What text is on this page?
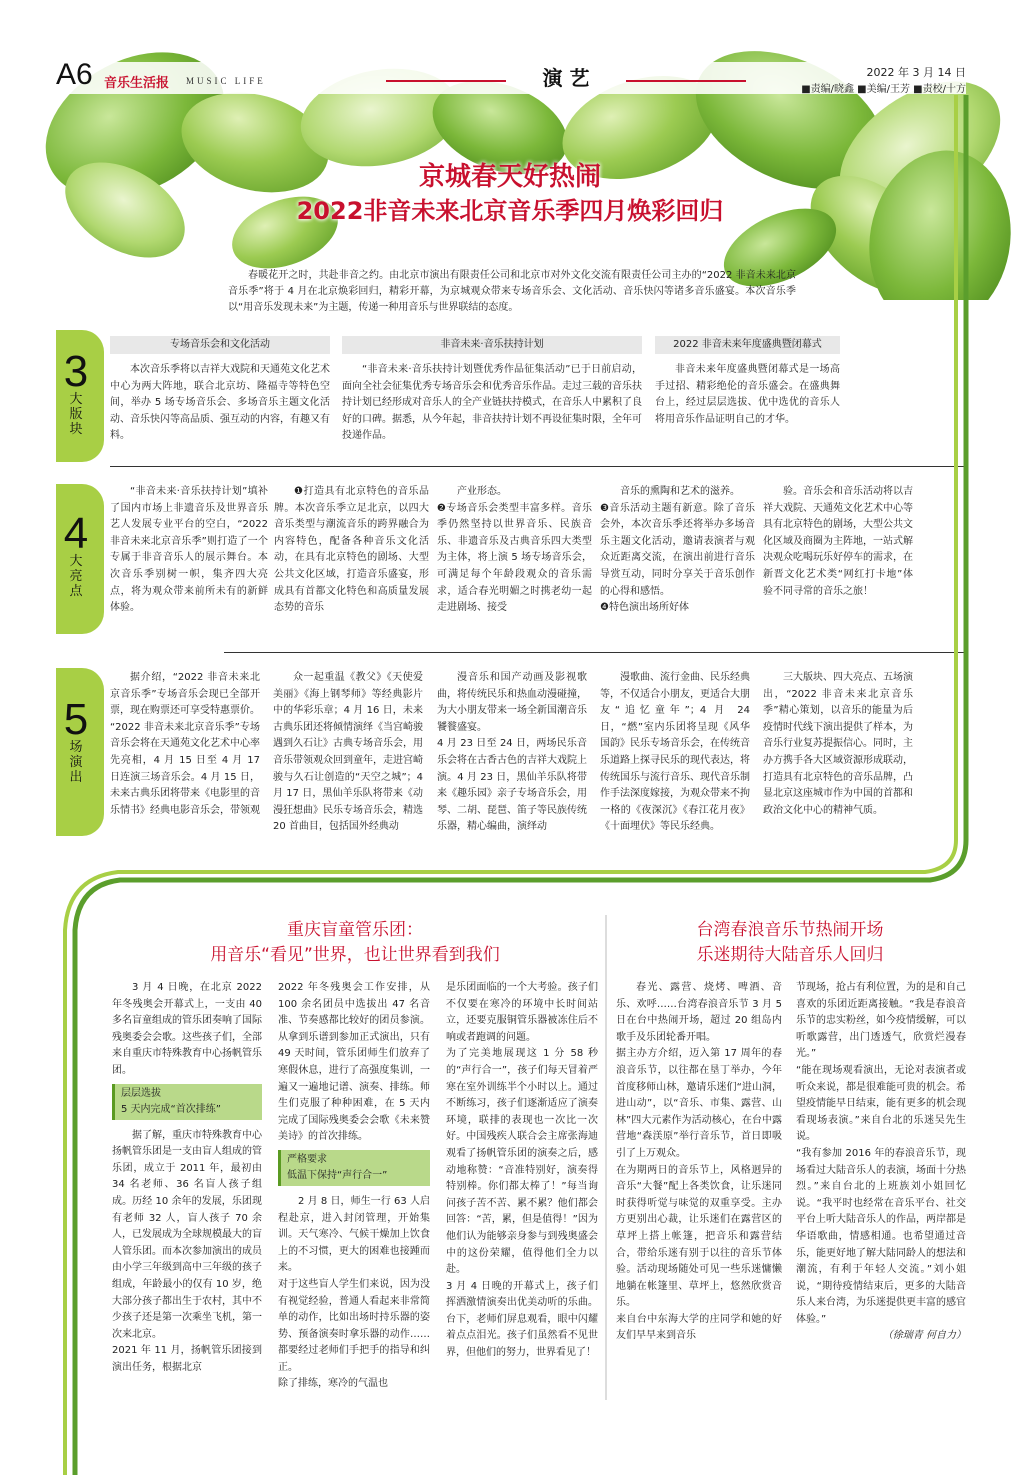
A6 音乐生活报 MUSIC LIFE	演 艺	2022 年 3 月 14 日
■责编/晓鑫 ■美编/王芳 ■责校/十方
京城春天好热闹
2022非音未来北京音乐季四月焕彩回归

春暖花开之时，共赴非音之约。由北京市演出有限责任公司和北京市对外文化交流有限责任公司主办的“2022 非音未来北京音乐季”将于 4 月在北京焕彩回归，精彩开幕，为京城观众带来专场音乐会、文化活动、音乐快闪等诸多音乐盛宴。本次音乐季以“用音乐发现未来”为主题，传递一种用音乐与世界联结的态度。

3
大版块
专场音乐会和文化活动

本次音乐季将以吉祥大戏院和天通苑文化艺术中心为两大阵地，联合北京坊、隆福寺等特色空间，举办 5 场专场音乐会、多场音乐主题文化活动、音乐快闪等高品质、强互动的内容，有趣又有料。

非音未来·音乐扶持计划

“非音未来·音乐扶持计划暨优秀作品征集活动”已于日前启动，面向全社会征集优秀专场音乐会和优秀音乐作品。走过三载的音乐扶持计划已经形成对音乐人的全产业链扶持模式，在音乐人中累积了良好的口碑。据悉，从今年起，非音扶持计划不再设征集时限，全年可投递作品。

2022 非音未来年度盛典暨闭幕式

非音未来年度盛典暨闭幕式是一场高手过招、精彩绝伦的音乐盛会。在盛典舞台上，经过层层选拔、优中选优的音乐人将用音乐作品证明自己的才华。

4
大亮点

“非音未来·音乐扶持计划”填补了国内市场上非遗音乐及世界音乐艺人发展专业平台的空白，“2022 非音未来北京音乐季”则打造了一个专属于非音音乐人的展示舞台。本次音乐季别树一帜，集齐四大亮点，将为观众带来前所未有的新鲜体验。

❶打造具有北京特色的音乐品牌。本次音乐季立足北京，以四大音乐类型与潮流音乐的跨界融合为内容特色，配备各种音乐文化活动，在具有北京特色的剧场、大型公共文化区域，打造音乐盛宴，形成具有首都文化特色和高质量发展态势的音乐

产业形态。
❷专场音乐会类型丰富多样。音乐季仍然坚持以世界音乐、民族音乐、非遗音乐及古典音乐四大类型为主体，将上演 5 场专场音乐会，可满足每个年龄段观众的音乐需求，适合春光明媚之时携老幼一起走进剧场、接受

音乐的熏陶和艺术的滋养。
❸音乐活动主题有新意。除了音乐会外，本次音乐季还将举办多场音乐主题文化活动，邀请表演者与观众近距离交流，在演出前进行音乐导赏互动，同时分享关于音乐创作的心得和感悟。
❹特色演出场所好体

验。音乐会和音乐活动将以吉祥大戏院、天通苑文化艺术中心等具有北京特色的剧场，大型公共文化区域及商圈为主阵地，一站式解决观众吃喝玩乐好停车的需求，在新晋文化艺术类“网红打卡地”体验不同寻常的音乐之旅！

5
场演出

据介绍，“2022 非音未来北京音乐季”专场音乐会现已全部开票，现在购票还可享受特惠票价。
“2022 非音未来北京音乐季”专场音乐会将在天通苑文化艺术中心率先亮相，4 月 15 日至 4 月 17 日连演三场音乐会。4 月 15 日，未来古典乐团将带来《电影里的音乐情书》经典电影音乐会，带领观

众一起重温《教父》《天使爱美丽》《海上钢琴师》等经典影片中的华彩乐章；4 月 16 日，未来古典乐团还将倾情演绎《当宫崎骏遇到久石让》古典专场音乐会，用音乐带领观众回到童年，走进宫崎骏与久石让创造的“天空之城”；4 月 17 日，黑仙羊乐队将带来《动漫狂想曲》民乐专场音乐会，精选 20 首曲目，包括国外经典动

漫音乐和国产动画及影视歌曲，将传统民乐和热血动漫碰撞，为大小朋友带来一场全新国潮音乐饕餮盛宴。
4 月 23 日至 24 日，两场民乐音乐会将在古香古色的吉祥大戏院上演。4 月 23 日，黑仙羊乐队将带来《趣乐园》亲子专场音乐会，用琴、二胡、琵琶、笛子等民族传统乐器，精心编曲，演绎动

漫歌曲、流行金曲、民乐经典等，不仅适合小朋友，更适合大朋友“追忆童年”；4 月 24 日，“燃”室内乐团将呈现《风华国韵》民乐专场音乐会，在传统音乐道路上探寻民乐的现代表达，将传统国乐与流行音乐、现代音乐制作手法深度嫁接，为观众带来不拘一格的《夜深沉》《春江花月夜》《十面埋伏》等民乐经典。

三大版块、四大亮点、五场演出，“2022 非音未来北京音乐季”精心策划，以音乐的能量为后疫情时代线下演出提供了样本，为音乐行业复苏提振信心。同时，主办方携手各大区域资源形成联动，打造具有北京特色的音乐品牌，凸显北京这座城市作为中国的首都和政治文化中心的精神气质。

重庆盲童管乐团：
用音乐“看见”世界，也让世界看到我们

3 月 4 日晚，在北京 2022 年冬残奥会开幕式上，一支由 40 多名盲童组成的管乐团奏响了国际残奥委会会歌。这些孩子们，全部来自重庆市特殊教育中心扬帆管乐团。

层层选拔
5 天内完成“首次排练”

据了解，重庆市特殊教育中心扬帆管乐团是一支由盲人组成的管乐团，成立于 2011 年，最初由 34 名老师、36 名盲人孩子组成。历经 10 余年的发展，乐团现有老师 32 人，盲人孩子 70 余人，已发展成为全球规模最大的盲人管乐团。而本次参加演出的成员由小学三年级到高中三年级的孩子组成，年龄最小的仅有 10 岁，绝大部分孩子都出生于农村，其中不少孩子还是第一次乘坐飞机，第一次来北京。
2021 年 11 月，扬帆管乐团接到演出任务，根据北京

2022 年冬残奥会工作安排，从 100 余名团员中选拔出 47 名音准、节奏感都比较好的团员参演。从拿到乐谱到参加正式演出，只有 49 天时间，管乐团师生们放弃了寒假休息，进行了高强度集训，一遍又一遍地记谱、演奏、排练。师生们克服了种种困难，在 5 天内完成了国际残奥委会会歌《未来赞美诗》的首次排练。

严格要求
低温下保持“声行合一”

2 月 8 日，师生一行 63 人启程赴京，进入封闭管理，开始集训。天气寒冷、气候干燥加上饮食上的不习惯，更大的困难也接踵而来。
对于这些盲人学生们来说，因为没有视觉经验，普通人看起来非常简单的动作，比如出场时持乐器的姿势、预备演奏时拿乐器的动作……都要经过老师们手把手的指导和纠正。
除了排练，寒冷的气温也

是乐团面临的一个大考验。孩子们不仅要在寒冷的环境中长时间站立，还要克服铜管乐器被冻住后不响或者跑调的问题。
为了完美地展现这 1 分 58 秒的“声行合一”，孩子们每天冒着严寒在室外训练半个小时以上。通过不断练习，孩子们逐渐适应了演奏环境，联排的表现也一次比一次好。中国残疾人联合会主席张海迪观看了扬帆管乐团的演奏之后，感动地称赞：“音准特别好，演奏得特别棒。你们都太棒了！”每当询问孩子苦不苦、累不累？他们都会回答：“苦，累，但是值得！”因为他们认为能够亲身参与到残奥盛会中的这份荣耀，值得他们全力以赴。
3 月 4 日晚的开幕式上，孩子们挥洒激情演奏出优美动听的乐曲。台下，老师们屏息观看，眼中闪耀着点点泪光。孩子们虽然看不见世界，但他们的努力，世界看见了！

台湾春浪音乐节热闹开场
乐迷期待大陆音乐人回归

春光、露营、烧烤、啤酒、音乐、欢呼……台湾春浪音乐节 3 月 5 日在台中热闹开场，超过 20 组岛内歌手及乐团轮番开唱。
据主办方介绍，迈入第 17 周年的春浪音乐节，以往都在垦丁举办，今年首度移师山林，邀请乐迷们“进山洞，进山动”，以“音乐、市集、露营、山林”四大元素作为活动核心，在台中露营地“森渼原”举行音乐节，首日即吸引了上万观众。
在为期两日的音乐节上，风格迥异的音乐“大餐”配上各类饮食，让乐迷同时获得听觉与味觉的双重享受。主办方更别出心裁，让乐迷们在露营区的草坪上搭上帐篷，把音乐和露营结合，带给乐迷有别于以往的音乐节体验。活动现场随处可见一些乐迷慵懒地躺在帐篷里、草坪上，悠然欣赏音乐。
来自台中东海大学的庄同学和她的好友们早早来到音乐

节现场，抢占有利位置，为的是和自己喜欢的乐团近距离接触。“我是春浪音乐节的忠实粉丝，如今疫情缓解，可以听歌露营，出门透透气，欣赏烂漫春光。”
“能在现场观看演出，无论对表演者或听众来说，都是很难能可贵的机会。希望疫情能早日结束，能有更多的机会现看现场表演。”来自台北的乐迷吴先生说。
“我有参加 2016 年的春浪音乐节，现场看过大陆音乐人的表演，场面十分热烈。”来自台北的上班族刘小姐回忆说。“我平时也经常在音乐平台、社交平台上听大陆音乐人的作品，两岸都是华语歌曲，情感相通。也希望通过音乐，能更好地了解大陆同龄人的想法和潮流，有利于年轻人交流。”刘小姐说，“期待疫情结束后，更多的大陆音乐人来台湾，为乐迷提供更丰富的感官体验。”

（徐瑞青 何自力）
